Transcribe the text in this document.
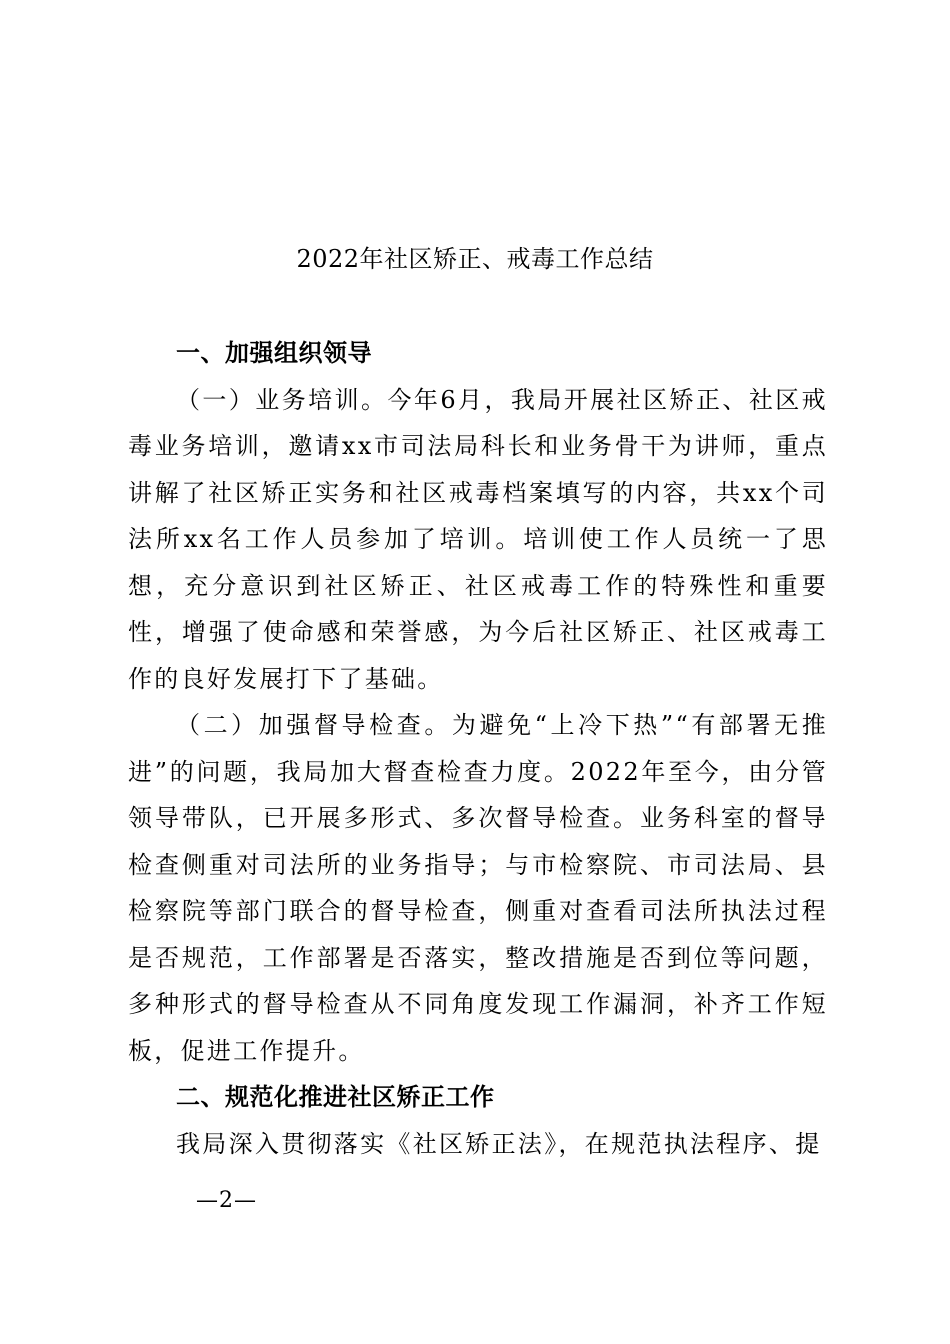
2022年社区矫正、戒毒工作总结

一、加强组织领导

（一）业务培训。今年6月，我局开展社区矫正、社区戒毒业务培训，邀请xx市司法局科长和业务骨干为讲师，重点讲解了社区矫正实务和社区戒毒档案填写的内容，共xx个司法所xx名工作人员参加了培训。培训使工作人员统一了思想，充分意识到社区矫正、社区戒毒工作的特殊性和重要性，增强了使命感和荣誉感，为今后社区矫正、社区戒毒工作的良好发展打下了基础。

（二）加强督导检查。为避免“上冷下热”“有部署无推进”的问题，我局加大督查检查力度。2022年至今，由分管领导带队，已开展多形式、多次督导检查。业务科室的督导检查侧重对司法所的业务指导；与市检察院、市司法局、县检察院等部门联合的督导检查，侧重对查看司法所执法过程是否规范，工作部署是否落实，整改措施是否到位等问题，多种形式的督导检查从不同角度发现工作漏洞，补齐工作短板，促进工作提升。

二、规范化推进社区矫正工作

我局深入贯彻落实《社区矫正法》，在规范执法程序、提

—2—
